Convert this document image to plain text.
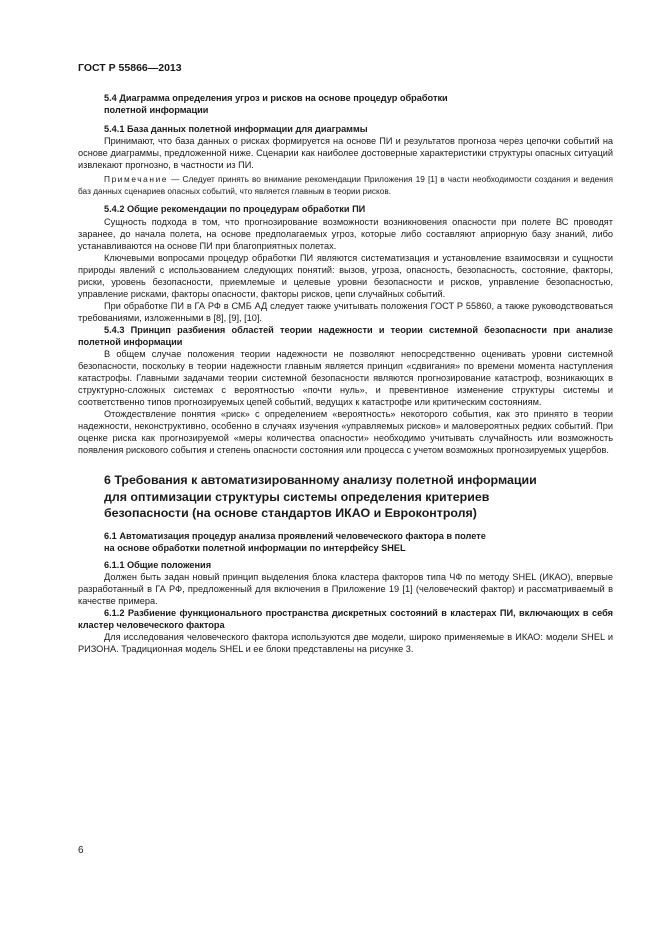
ГОСТ Р 55866—2013

5.4 Диаграмма определения угроз и рисков на основе процедур обработки
полетной информации

5.4.1 База данных полетной информации для диаграммы

Принимают, что база данных о рисках формируется на основе ПИ и результатов прогноза через цепочки событий на основе диаграммы, предложенной ниже. Сценарии как наиболее достоверные характеристики структуры опасных ситуаций извлекают прогнозно, в частности из ПИ.

Примечание — Следует принять во внимание рекомендации Приложения 19 [1] в части необходимости создания и ведения баз данных сценариев опасных событий, что является главным в теории рисков.

5.4.2 Общие рекомендации по процедурам обработки ПИ

Сущность подхода в том, что прогнозирование возможности возникновения опасности при полете ВС проводят заранее, до начала полета, на основе предполагаемых угроз, которые либо составляют априорную базу знаний, либо устанавливаются на основе ПИ при благоприятных полетах.

Ключевыми вопросами процедур обработки ПИ являются систематизация и установление взаимосвязи и сущности природы явлений с использованием следующих понятий: вызов, угроза, опасность, безопасность, состояние, факторы, риски, уровень безопасности, приемлемые и целевые уровни безопасности и рисков, управление безопасностью, управление рисками, факторы опасности, факторы рисков, цепи случайных событий.

При обработке ПИ в ГА РФ в СМБ АД следует также учитывать положения ГОСТ Р 55860, а также руководствоваться требованиями, изложенными в [8], [9], [10].

5.4.3 Принцип разбиения областей теории надежности и теории системной безопасности при анализе полетной информации

В общем случае положения теории надежности не позволяют непосредственно оценивать уровни системной безопасности, поскольку в теории надежности главным является принцип «сдвигания» по времени момента наступления катастрофы. Главными задачами теории системной безопасности являются прогнозирование катастроф, возникающих в структурно-сложных системах с вероятностью «почти нуль», и превентивное изменение структуры системы и соответственно типов прогнозируемых цепей событий, ведущих к катастрофе или критическим состояниям.

Отождествление понятия «риск» с определением «вероятность» некоторого события, как это принято в теории надежности, неконструктивно, особенно в случаях изучения «управляемых рисков» и маловероятных редких событий. При оценке риска как прогнозируемой «меры количества опасности» необходимо учитывать случайность или возможность появления рискового события и степень опасности состояния или процесса с учетом возможных прогнозируемых ущербов.

6 Требования к автоматизированному анализу полетной информации
для оптимизации структуры системы определения критериев
безопасности (на основе стандартов ИКАО и Евроконтроля)

6.1 Автоматизация процедур анализа проявлений человеческого фактора в полете
на основе обработки полетной информации по интерфейсу SHEL

6.1.1 Общие положения

Должен быть задан новый принцип выделения блока кластера факторов типа ЧФ по методу SHEL (ИКАО), впервые разработанный в ГА РФ, предложенный для включения в Приложение 19 [1] (человеческий фактор) и рассматриваемый в качестве примера.

6.1.2 Разбиение функционального пространства дискретных состояний в кластерах ПИ, включающих в себя кластер человеческого фактора

Для исследования человеческого фактора используются две модели, широко применяемые в ИКАО: модели SHEL и РИЗОНА. Традиционная модель SHEL и ее блоки представлены на рисунке 3.

6
